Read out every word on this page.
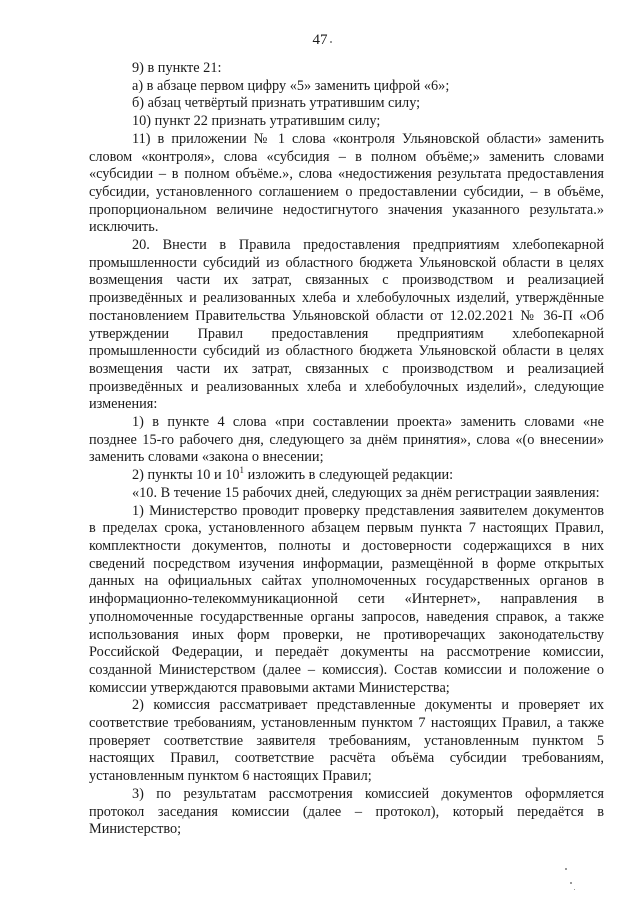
47

9) в пункте 21:

а) в абзаце первом цифру «5» заменить цифрой «6»;

б) абзац четвёртый признать утратившим силу;

10) пункт 22 признать утратившим силу;

11) в приложении № 1 слова «контроля Ульяновской области» заменить словом «контроля», слова «субсидия – в полном объёме;» заменить словами «субсидии – в полном объёме.», слова «недостижения результата предоставления субсидии, установленного соглашением о предоставлении субсидии, – в объёме, пропорциональном величине недостигнутого значения указанного результата.» исключить.

20. Внести в Правила предоставления предприятиям хлебопекарной промышленности субсидий из областного бюджета Ульяновской области в целях возмещения части их затрат, связанных с производством и реализацией произведённых и реализованных хлеба и хлебобулочных изделий, утверждённые постановлением Правительства Ульяновской области от 12.02.2021 № 36-П «Об утверждении Правил предоставления предприятиям хлебопекарной промышленности субсидий из областного бюджета Ульяновской области в целях возмещения части их затрат, связанных с производством и реализацией произведённых и реализованных хлеба и хлебобулочных изделий», следующие изменения:

1) в пункте 4 слова «при составлении проекта» заменить словами «не позднее 15-го рабочего дня, следующего за днём принятия», слова «(о внесении» заменить словами «закона о внесении;

2) пункты 10 и $10^1$ изложить в следующей редакции:

«10. В течение 15 рабочих дней, следующих за днём регистрации заявления:

1) Министерство проводит проверку представления заявителем документов в пределах срока, установленного абзацем первым пункта 7 настоящих Правил, комплектности документов, полноты и достоверности содержащихся в них сведений посредством изучения информации, размещённой в форме открытых данных на официальных сайтах уполномоченных государственных органов в информационно-телекоммуникационной сети «Интернет», направления в уполномоченные государственные органы запросов, наведения справок, а также использования иных форм проверки, не противоречащих законодательству Российской Федерации, и передаёт документы на рассмотрение комиссии, созданной Министерством (далее – комиссия). Состав комиссии и положение о комиссии утверждаются правовыми актами Министерства;

2) комиссия рассматривает представленные документы и проверяет их соответствие требованиям, установленным пунктом 7 настоящих Правил, а также проверяет соответствие заявителя требованиям, установленным пунктом 5 настоящих Правил, соответствие расчёта объёма субсидии требованиям, установленным пунктом 6 настоящих Правил;

3) по результатам рассмотрения комиссией документов оформляется протокол заседания комиссии (далее – протокол), который передаётся в Министерство;
